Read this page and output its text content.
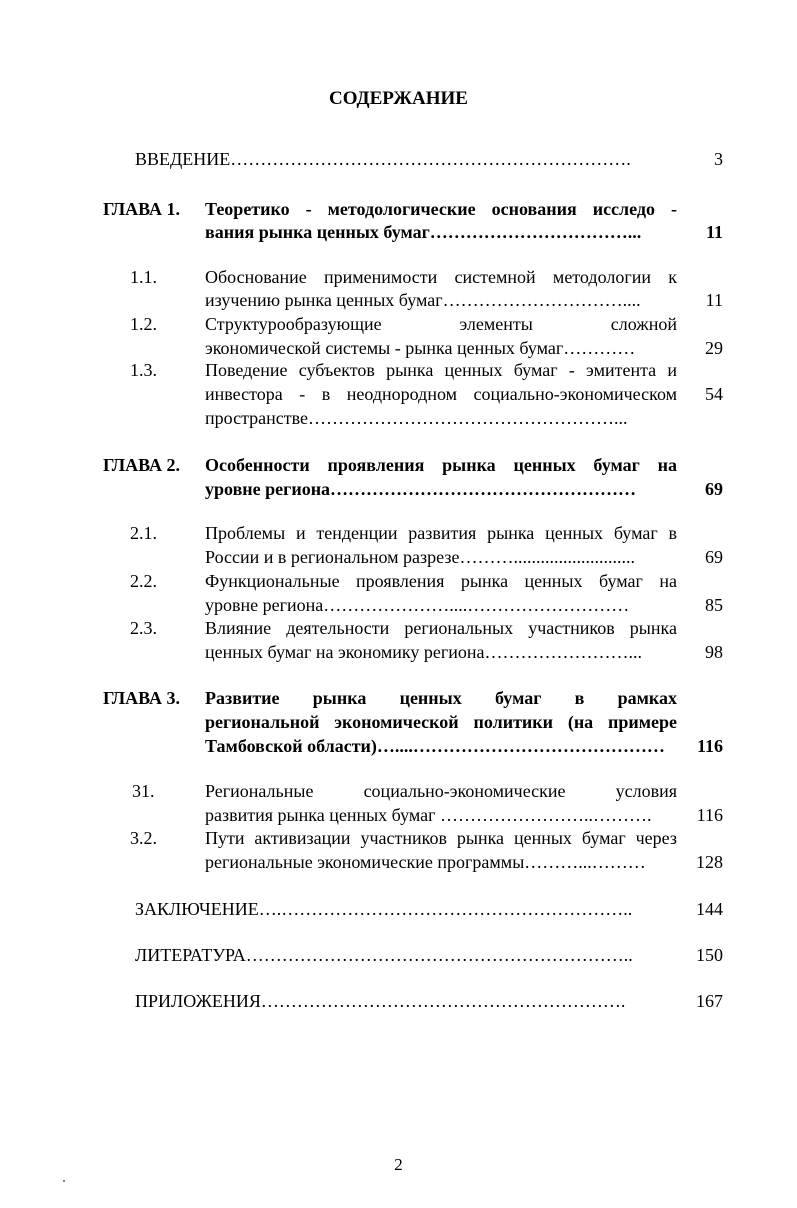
СОДЕРЖАНИЕ
ВВЕДЕНИЕ………………………………………………………….	3
ГЛАВА 1. Теоретико - методологические основания исследо -
вания рынка ценных бумаг……………………………...	11
1.1.	Обоснование применимости системной методологии к
изучению рынка ценных бумаг…………………………....	11
1.2.	Структурообразующие элементы сложной
экономической системы - рынка ценных бумаг…………	29
1.3.	Поведение субъектов рынка ценных бумаг - эмитента и
инвестора - в неоднородном социально-экономическом	54
пространстве……………………………………………...
ГЛАВА 2. Особенности проявления рынка ценных бумаг на
уровне региона……………………………………………	69
2.1.	Проблемы и тенденции развития рынка ценных бумаг в
России и в региональном разрезе………...........................	69
2.2.	Функциональные проявления рынка ценных бумаг на
уровне региона…………………....………………………	85
2.3.	Влияние деятельности региональных участников рынка
ценных бумаг на экономику региона……………………...	98
ГЛАВА 3. Развитие рынка ценных бумаг в рамках
региональной экономической политики (на примере
Тамбовской области)…....……………………………………	116
31.	Региональные социально-экономические условия
развития рынка ценных бумаг ……………………..……….	116
3.2.	Пути активизации участников рынка ценных бумаг через
региональные экономические программы………...………	128
ЗАКЛЮЧЕНИЕ….…………………………………………………..	144
ЛИТЕРАТУРА………………………………………………………..	150
ПРИЛОЖЕНИЯ…………………………………………………….	167
2
